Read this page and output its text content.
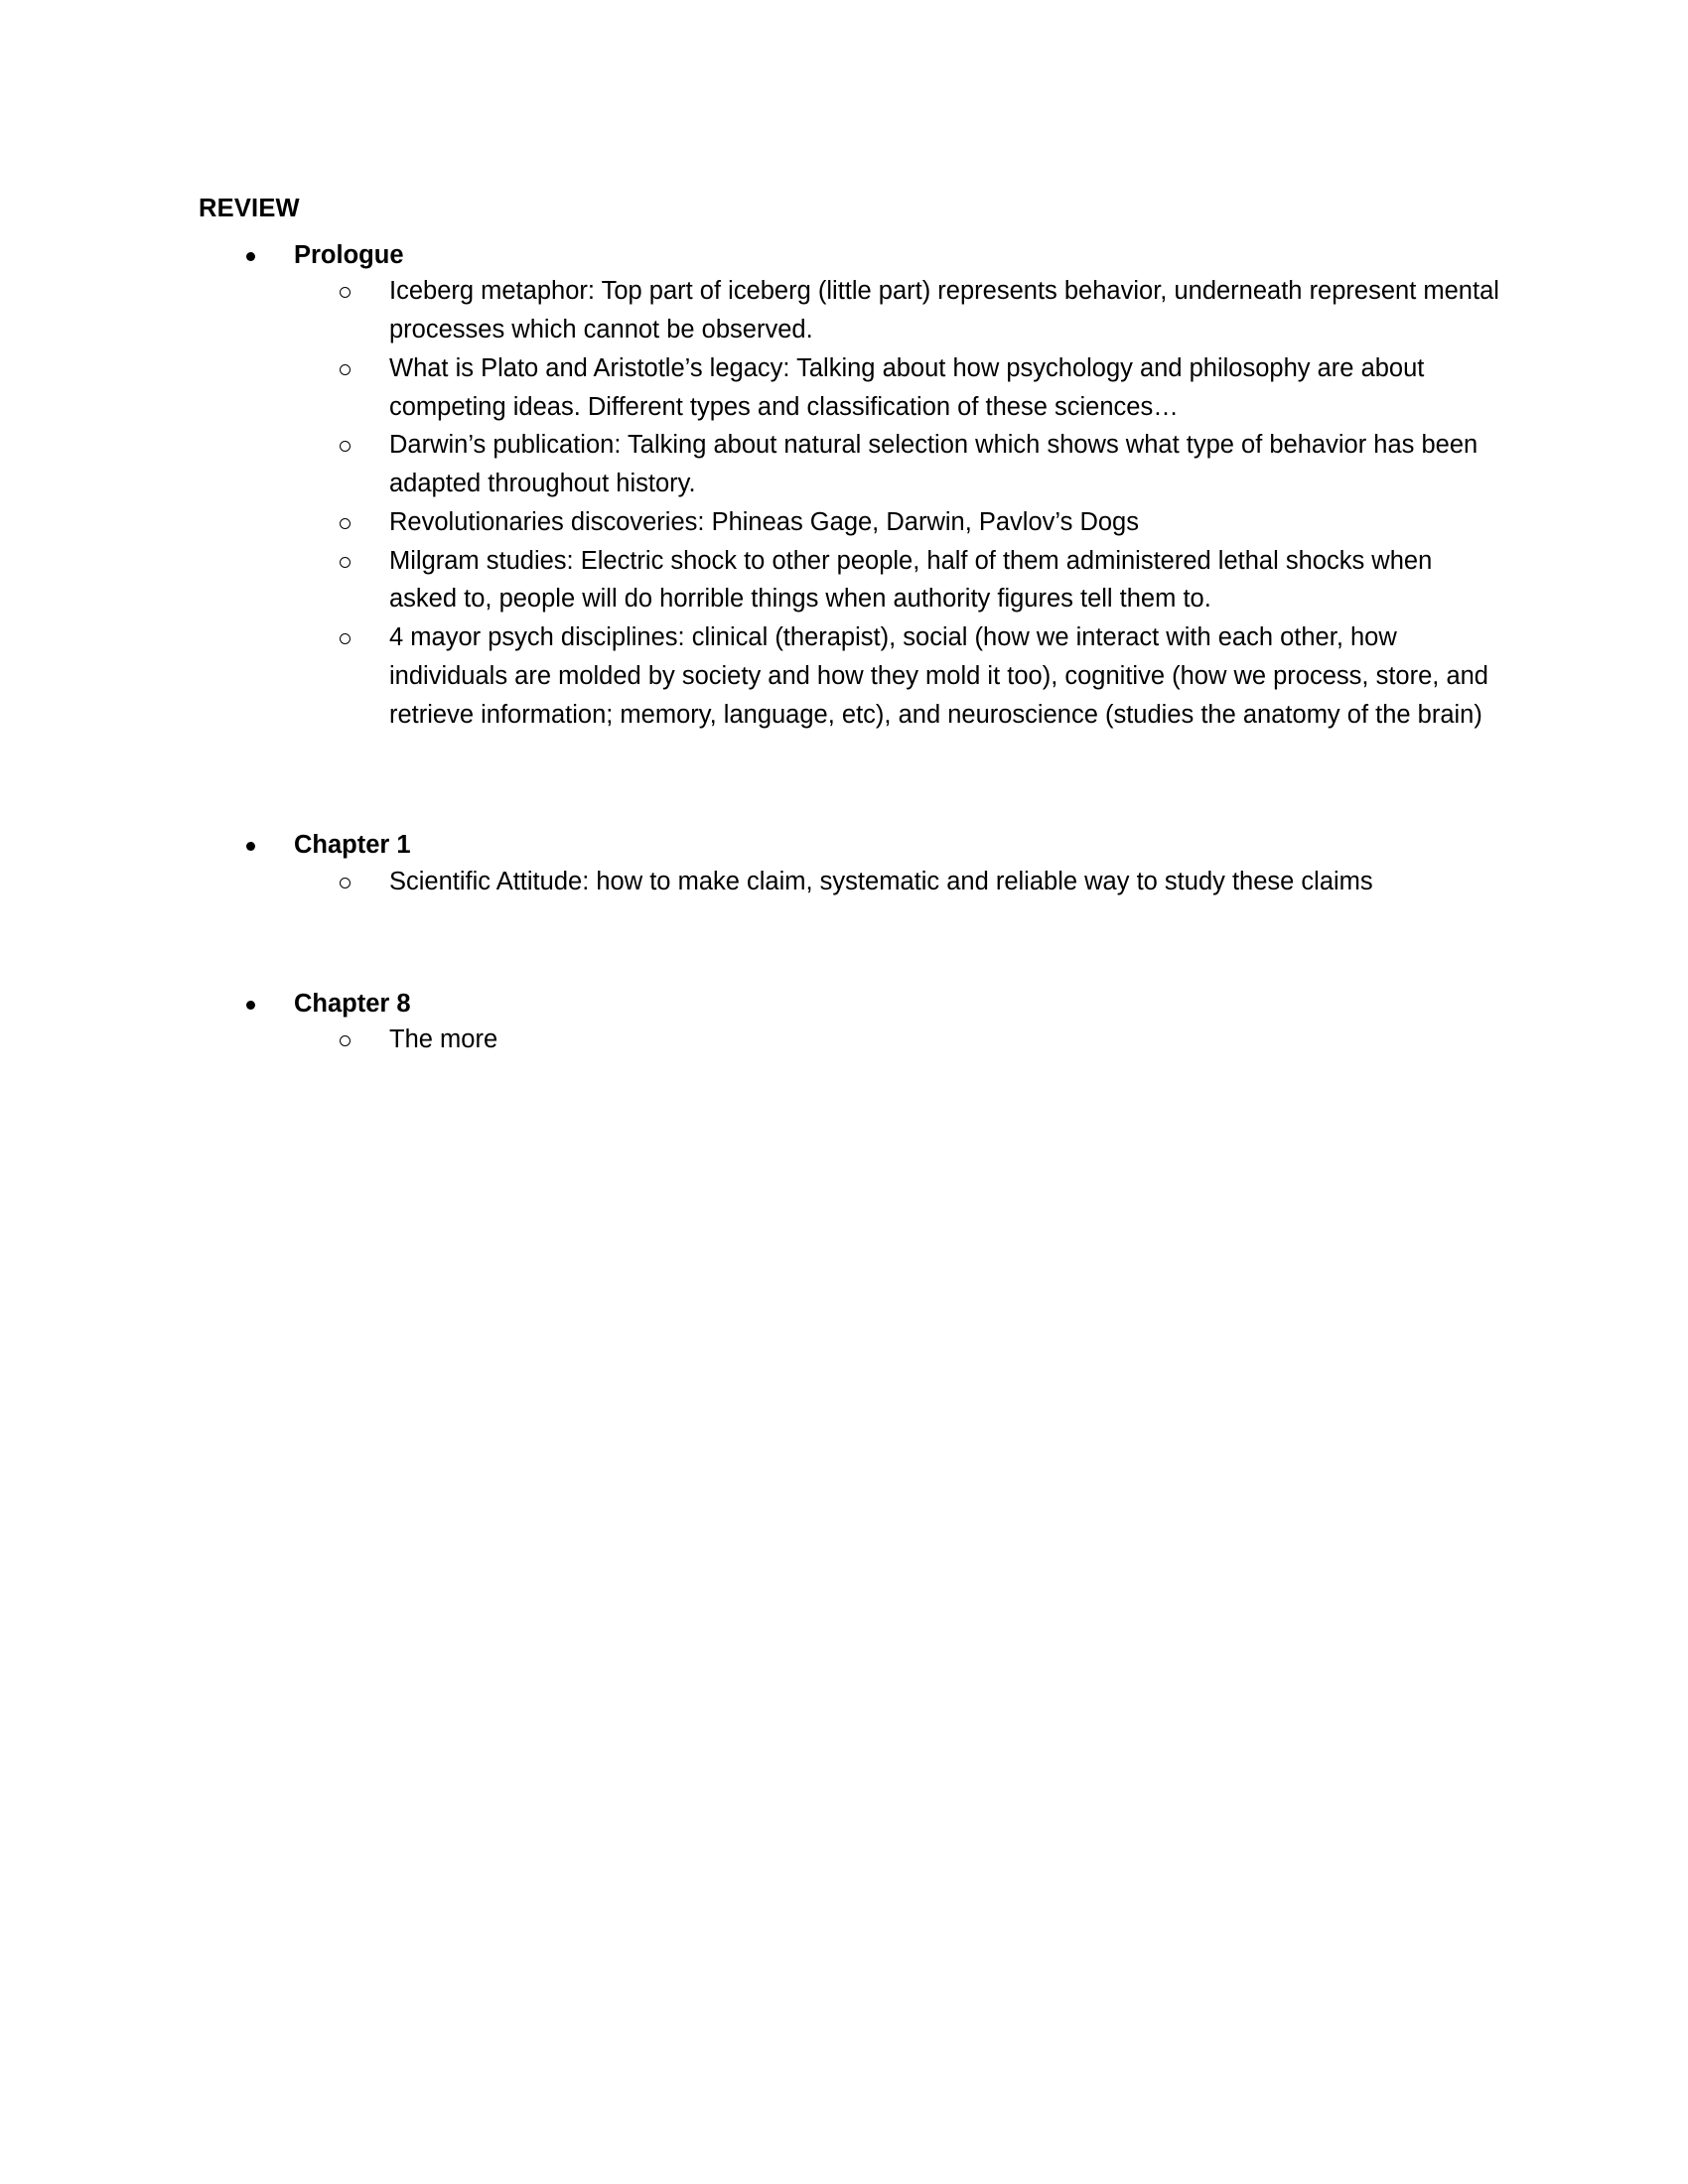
REVIEW
Prologue
Iceberg metaphor: Top part of iceberg (little part) represents behavior, underneath represent mental processes which cannot be observed.
What is Plato and Aristotle’s legacy: Talking about how psychology and philosophy are about competing ideas. Different types and classification of these sciences…
Darwin’s publication: Talking about natural selection which shows what type of behavior has been adapted throughout history.
Revolutionaries discoveries: Phineas Gage, Darwin, Pavlov’s Dogs
Milgram studies: Electric shock to other people, half of them administered lethal shocks when asked to, people will do horrible things when authority figures tell them to.
4 mayor psych disciplines: clinical (therapist), social (how we interact with each other, how individuals are molded by society and how they mold it too), cognitive (how we process, store, and retrieve information; memory, language, etc), and neuroscience (studies the anatomy of the brain)
Chapter 1
Scientific Attitude: how to make claim, systematic and reliable way to study these claims
Chapter 8
The more
